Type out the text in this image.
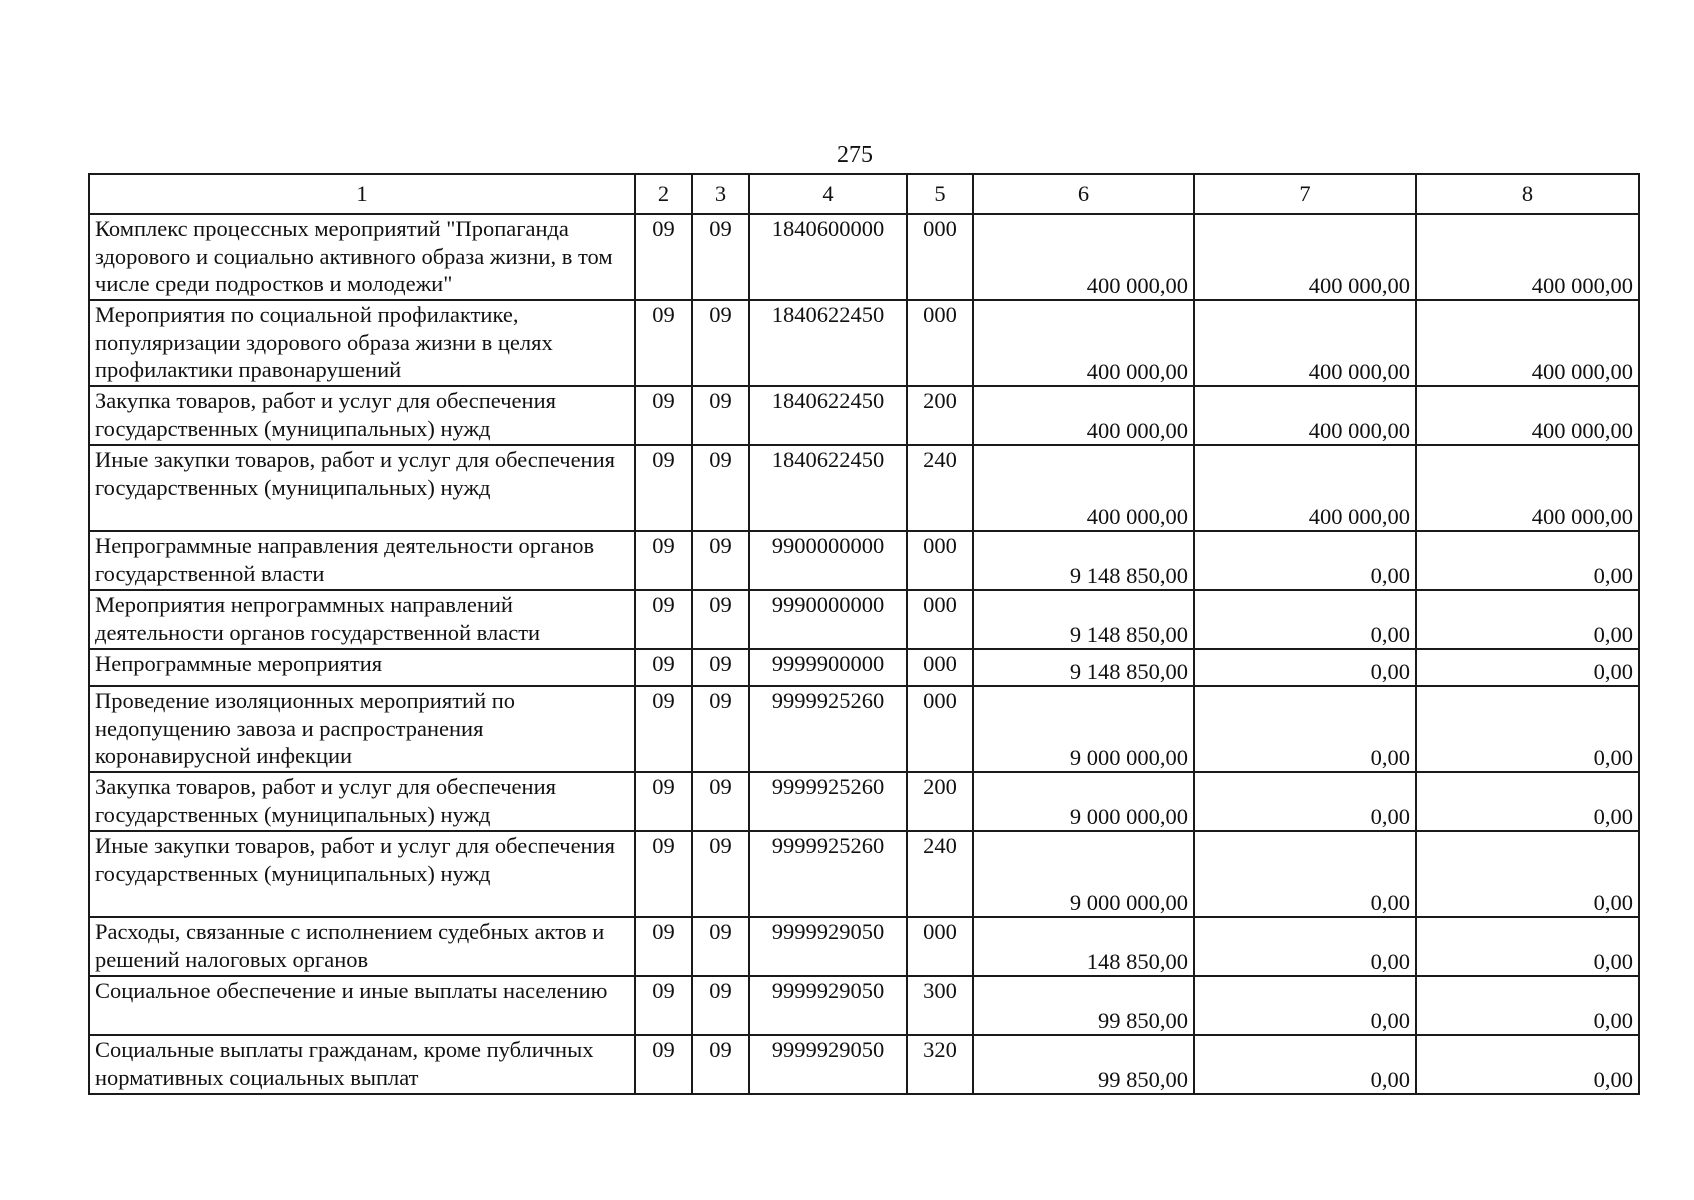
275
1	2	3	4	5	6	7	8
Комплекс процессных мероприятий "Пропаганда здорового и социально активного образа жизни, в том числе среди подростков и молодежи"	09	09	1840600000	000	400 000,00	400 000,00	400 000,00
Мероприятия по социальной профилактике, популяризации здорового образа жизни в целях профилактики правонарушений	09	09	1840622450	000	400 000,00	400 000,00	400 000,00
Закупка товаров, работ и услуг для обеспечения государственных (муниципальных) нужд	09	09	1840622450	200	400 000,00	400 000,00	400 000,00
Иные закупки товаров, работ и услуг для обеспечения государственных (муниципальных) нужд	09	09	1840622450	240	400 000,00	400 000,00	400 000,00
Непрограммные направления деятельности органов государственной власти	09	09	9900000000	000	9 148 850,00	0,00	0,00
Мероприятия непрограммных направлений деятельности органов государственной власти	09	09	9990000000	000	9 148 850,00	0,00	0,00
Непрограммные мероприятия	09	09	9999900000	000	9 148 850,00	0,00	0,00
Проведение изоляционных мероприятий по недопущению завоза и распространения коронавирусной инфекции	09	09	9999925260	000	9 000 000,00	0,00	0,00
Закупка товаров, работ и услуг для обеспечения государственных (муниципальных) нужд	09	09	9999925260	200	9 000 000,00	0,00	0,00
Иные закупки товаров, работ и услуг для обеспечения государственных (муниципальных) нужд	09	09	9999925260	240	9 000 000,00	0,00	0,00
Расходы, связанные с исполнением судебных актов и решений налоговых органов	09	09	9999929050	000	148 850,00	0,00	0,00
Социальное обеспечение и иные выплаты населению	09	09	9999929050	300	99 850,00	0,00	0,00
Социальные выплаты гражданам, кроме публичных нормативных социальных выплат	09	09	9999929050	320	99 850,00	0,00	0,00
